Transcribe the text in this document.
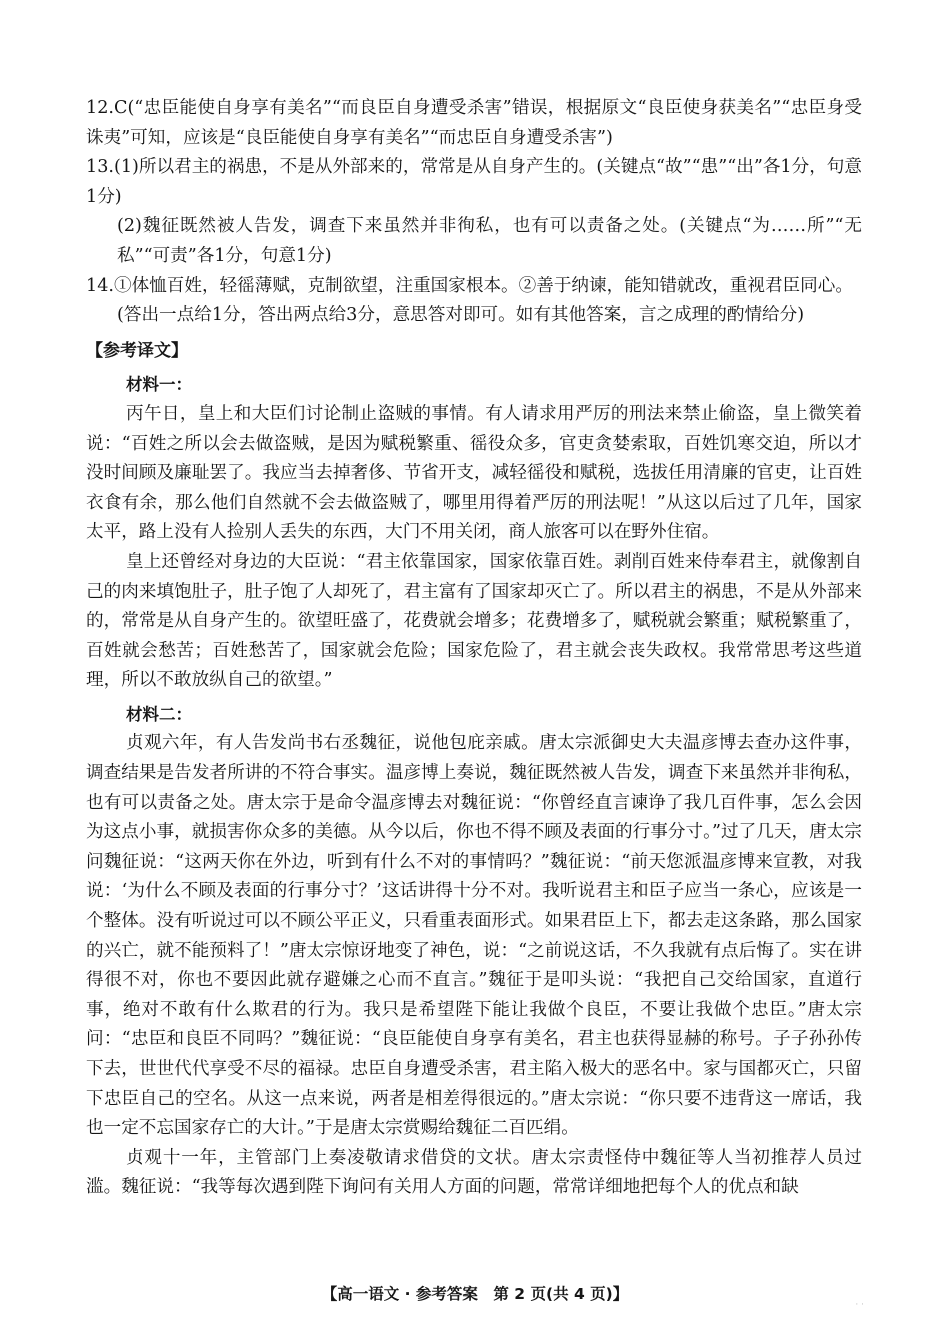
12.C(“忠臣能使自身享有美名”“而良臣自身遭受杀害”错误，根据原文“良臣使身获美名”“忠臣身受诛夷”可知，应该是“良臣能使自身享有美名”“而忠臣自身遭受杀害”)

13.(1)所以君主的祸患，不是从外部来的，常常是从自身产生的。(关键点“故”“患”“出”各1分，句意1分)

(2)魏征既然被人告发，调查下来虽然并非徇私，也有可以责备之处。(关键点“为……所”“无私”“可责”各1分，句意1分)

14.①体恤百姓，轻徭薄赋，克制欲望，注重国家根本。②善于纳谏，能知错就改，重视君臣同心。

(答出一点给1分，答出两点给3分，意思答对即可。如有其他答案，言之成理的酌情给分)

【参考译文】
材料一：

丙午日，皇上和大臣们讨论制止盗贼的事情。有人请求用严厉的刑法来禁止偷盗，皇上微笑着说：“百姓之所以会去做盗贼，是因为赋税繁重、徭役众多，官吏贪婪索取，百姓饥寒交迫，所以才没时间顾及廉耻罢了。我应当去掉奢侈、节省开支，减轻徭役和赋税，选拔任用清廉的官吏，让百姓衣食有余，那么他们自然就不会去做盗贼了，哪里用得着严厉的刑法呢！”从这以后过了几年，国家太平，路上没有人捡别人丢失的东西，大门不用关闭，商人旅客可以在野外住宿。

皇上还曾经对身边的大臣说：“君主依靠国家，国家依靠百姓。剥削百姓来侍奉君主，就像割自己的肉来填饱肚子，肚子饱了人却死了，君主富有了国家却灭亡了。所以君主的祸患，不是从外部来的，常常是从自身产生的。欲望旺盛了，花费就会增多；花费增多了，赋税就会繁重；赋税繁重了，百姓就会愁苦；百姓愁苦了，国家就会危险；国家危险了，君主就会丧失政权。我常常思考这些道理，所以不敢放纵自己的欲望。”

材料二：

贞观六年，有人告发尚书右丞魏征，说他包庇亲戚。唐太宗派御史大夫温彦博去查办这件事，调查结果是告发者所讲的不符合事实。温彦博上奏说，魏征既然被人告发，调查下来虽然并非徇私，也有可以责备之处。唐太宗于是命令温彦博去对魏征说：“你曾经直言谏诤了我几百件事，怎么会因为这点小事，就损害你众多的美德。从今以后，你也不得不顾及表面的行事分寸。”过了几天，唐太宗问魏征说：“这两天你在外边，听到有什么不对的事情吗？”魏征说：“前天您派温彦博来宣教，对我说：‘为什么不顾及表面的行事分寸？’这话讲得十分不对。我听说君主和臣子应当一条心，应该是一个整体。没有听说过可以不顾公平正义，只看重表面形式。如果君臣上下，都去走这条路，那么国家的兴亡，就不能预料了！”唐太宗惊讶地变了神色，说：“之前说这话，不久我就有点后悔了。实在讲得很不对，你也不要因此就存避嫌之心而不直言。”魏征于是叩头说：“我把自己交给国家，直道行事，绝对不敢有什么欺君的行为。我只是希望陛下能让我做个良臣，不要让我做个忠臣。”唐太宗问：“忠臣和良臣不同吗？”魏征说：“良臣能使自身享有美名，君主也获得显赫的称号。子子孙孙传下去，世世代代享受不尽的福禄。忠臣自身遭受杀害，君主陷入极大的恶名中。家与国都灭亡，只留下忠臣自己的空名。从这一点来说，两者是相差得很远的。”唐太宗说：“你只要不违背这一席话，我也一定不忘国家存亡的大计。”于是唐太宗赏赐给魏征二百匹绢。

贞观十一年，主管部门上奏凌敬请求借贷的文状。唐太宗责怪侍中魏征等人当初推荐人员过滥。魏征说：“我等每次遇到陛下询问有关用人方面的问题，常常详细地把每个人的优点和缺

【高一语文 · 参考答案　第 2 页(共 4 页)】
· ·
